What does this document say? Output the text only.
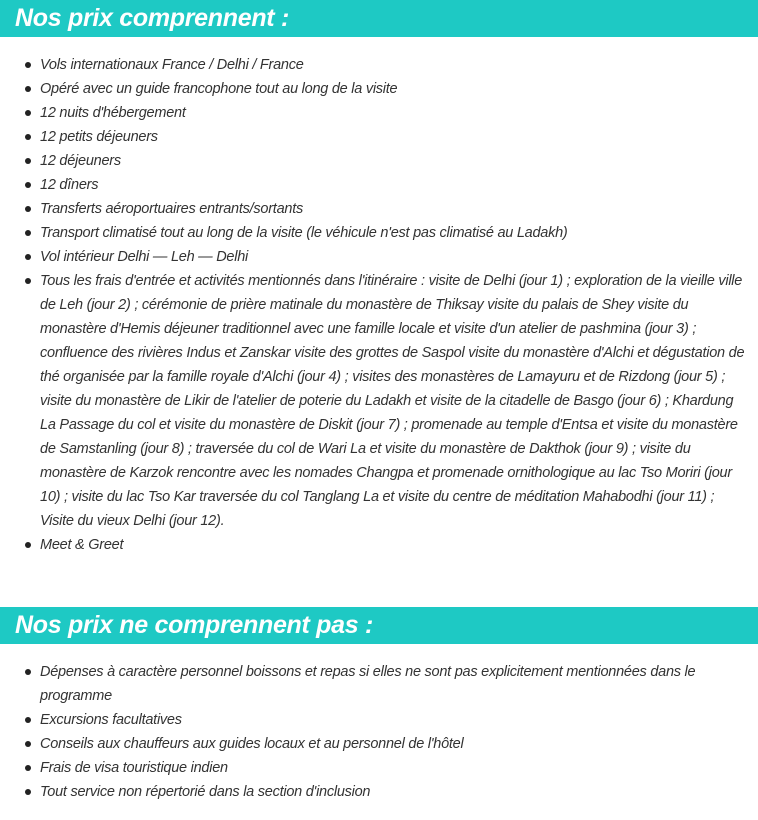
Nos prix comprennent :
Vols internationaux France / Delhi / France
Opéré avec un guide francophone tout au long de la visite
12 nuits d'hébergement
12 petits déjeuners
12 déjeuners
12 dîners
Transferts aéroportuaires entrants/sortants
Transport climatisé tout au long de la visite (le véhicule n'est pas climatisé au Ladakh)
Vol intérieur Delhi — Leh — Delhi
Tous les frais d'entrée et activités mentionnés dans l'itinéraire : visite de Delhi (jour 1) ; exploration de la vieille ville de Leh (jour 2) ; cérémonie de prière matinale du monastère de Thiksay visite du palais de Shey visite du monastère d'Hemis déjeuner traditionnel avec une famille locale et visite d'un atelier de pashmina (jour 3) ; confluence des rivières Indus et Zanskar visite des grottes de Saspol visite du monastère d'Alchi et dégustation de thé organisée par la famille royale d'Alchi (jour 4) ; visites des monastères de Lamayuru et de Rizdong (jour 5) ; visite du monastère de Likir de l'atelier de poterie du Ladakh et visite de la citadelle de Basgo (jour 6) ; Khardung La Passage du col et visite du monastère de Diskit (jour 7) ; promenade au temple d'Entsa et visite du monastère de Samstanling (jour 8) ; traversée du col de Wari La et visite du monastère de Dakthok (jour 9) ; visite du monastère de Karzok rencontre avec les nomades Changpa et promenade ornithologique au lac Tso Moriri (jour 10) ; visite du lac Tso Kar traversée du col Tanglang La et visite du centre de méditation Mahabodhi (jour 11) ; Visite du vieux Delhi (jour 12).
Meet & Greet
Nos prix ne comprennent pas :
Dépenses à caractère personnel boissons et repas si elles ne sont pas explicitement mentionnées dans le programme
Excursions facultatives
Conseils aux chauffeurs aux guides locaux et au personnel de l'hôtel
Frais de visa touristique indien
Tout service non répertorié dans la section d'inclusion
